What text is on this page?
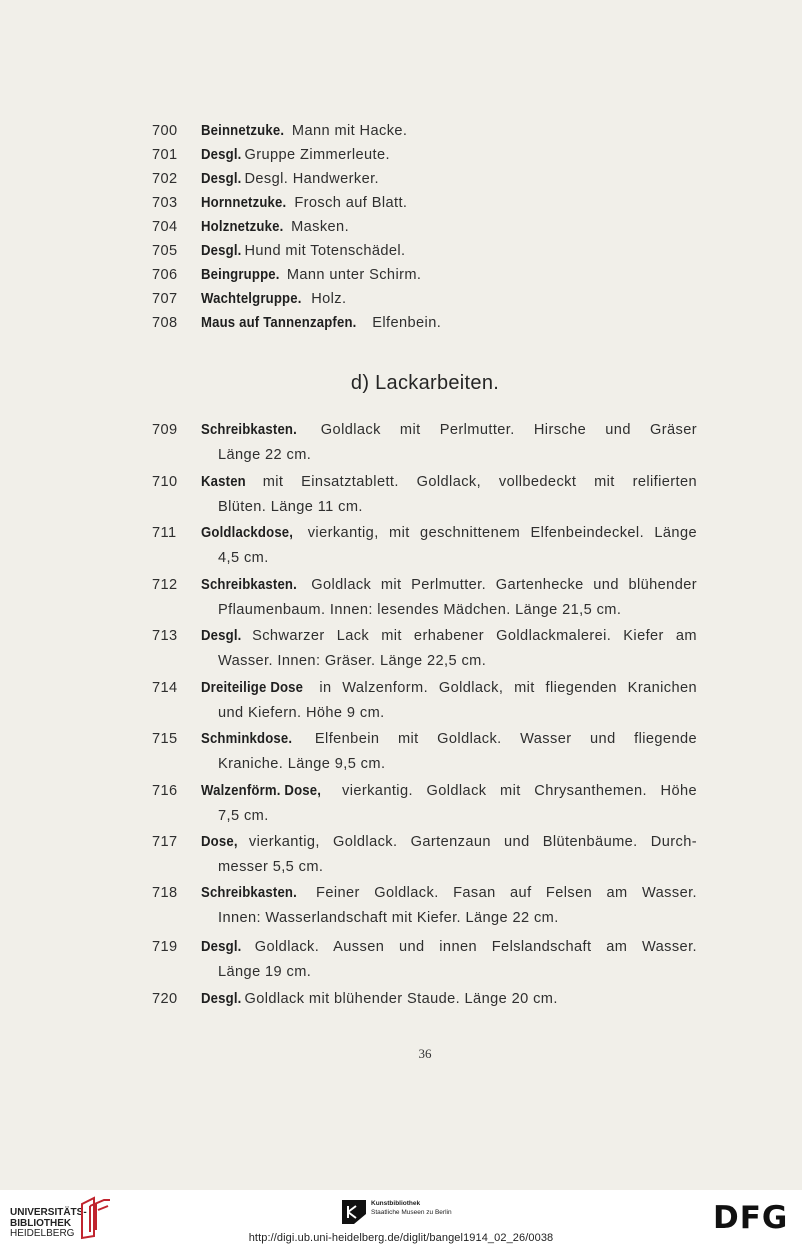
700	Beinnetzuke. Mann mit Hacke.
701	Desgl. Gruppe Zimmerleute.
702	Desgl. Desgl. Handwerker.
703	Hornnetzuke. Frosch auf Blatt.
704	Holznetzuke. Masken.
705	Desgl. Hund mit Totenschädel.
706	Beingruppe. Mann unter Schirm.
707	Wachtelgruppe. Holz.
708	Maus auf Tannenzapfen. Elfenbein.
d) Lackarbeiten.
709	Schreibkasten. Goldlack mit Perlmutter. Hirsche und Gräser
Länge 22 cm.
710	Kasten mit Einsatztablett. Goldlack, vollbedeckt mit relifierten
Blüten. Länge 11 cm.
711	Goldlackdose, vierkantig, mit geschnittenem Elfenbeindeckel. Länge
4,5 cm.
712	Schreibkasten. Goldlack mit Perlmutter. Gartenhecke und blühender
Pflaumenbaum. Innen: lesendes Mädchen. Länge 21,5 cm.
713	Desgl. Schwarzer Lack mit erhabener Goldlackmalerei. Kiefer am
Wasser. Innen: Gräser. Länge 22,5 cm.
714	Dreiteilige Dose in Walzenform. Goldlack, mit fliegenden Kranichen
und Kiefern. Höhe 9 cm.
715	Schminkdose. Elfenbein mit Goldlack. Wasser und fliegende
Kraniche. Länge 9,5 cm.
716	Walzenförm. Dose, vierkantig. Goldlack mit Chrysanthemen. Höhe
7,5 cm.
717	Dose, vierkantig, Goldlack. Gartenzaun und Blütenbäume. Durch-
messer 5,5 cm.
718	Schreibkasten. Feiner Goldlack. Fasan auf Felsen am Wasser.
Innen: Wasserlandschaft mit Kiefer. Länge 22 cm.
719	Desgl. Goldlack. Aussen und innen Felslandschaft am Wasser.
Länge 19 cm.
720	Desgl. Goldlack mit blühender Staude. Länge 20 cm.
36
UNIVERSITÄTS-
BIBLIOTHEK
HEIDELBERG
Kunstbibliothek
Staatliche Museen zu Berlin	DFG
http://digi.ub.uni-heidelberg.de/diglit/bangel1914_02_26/0038
